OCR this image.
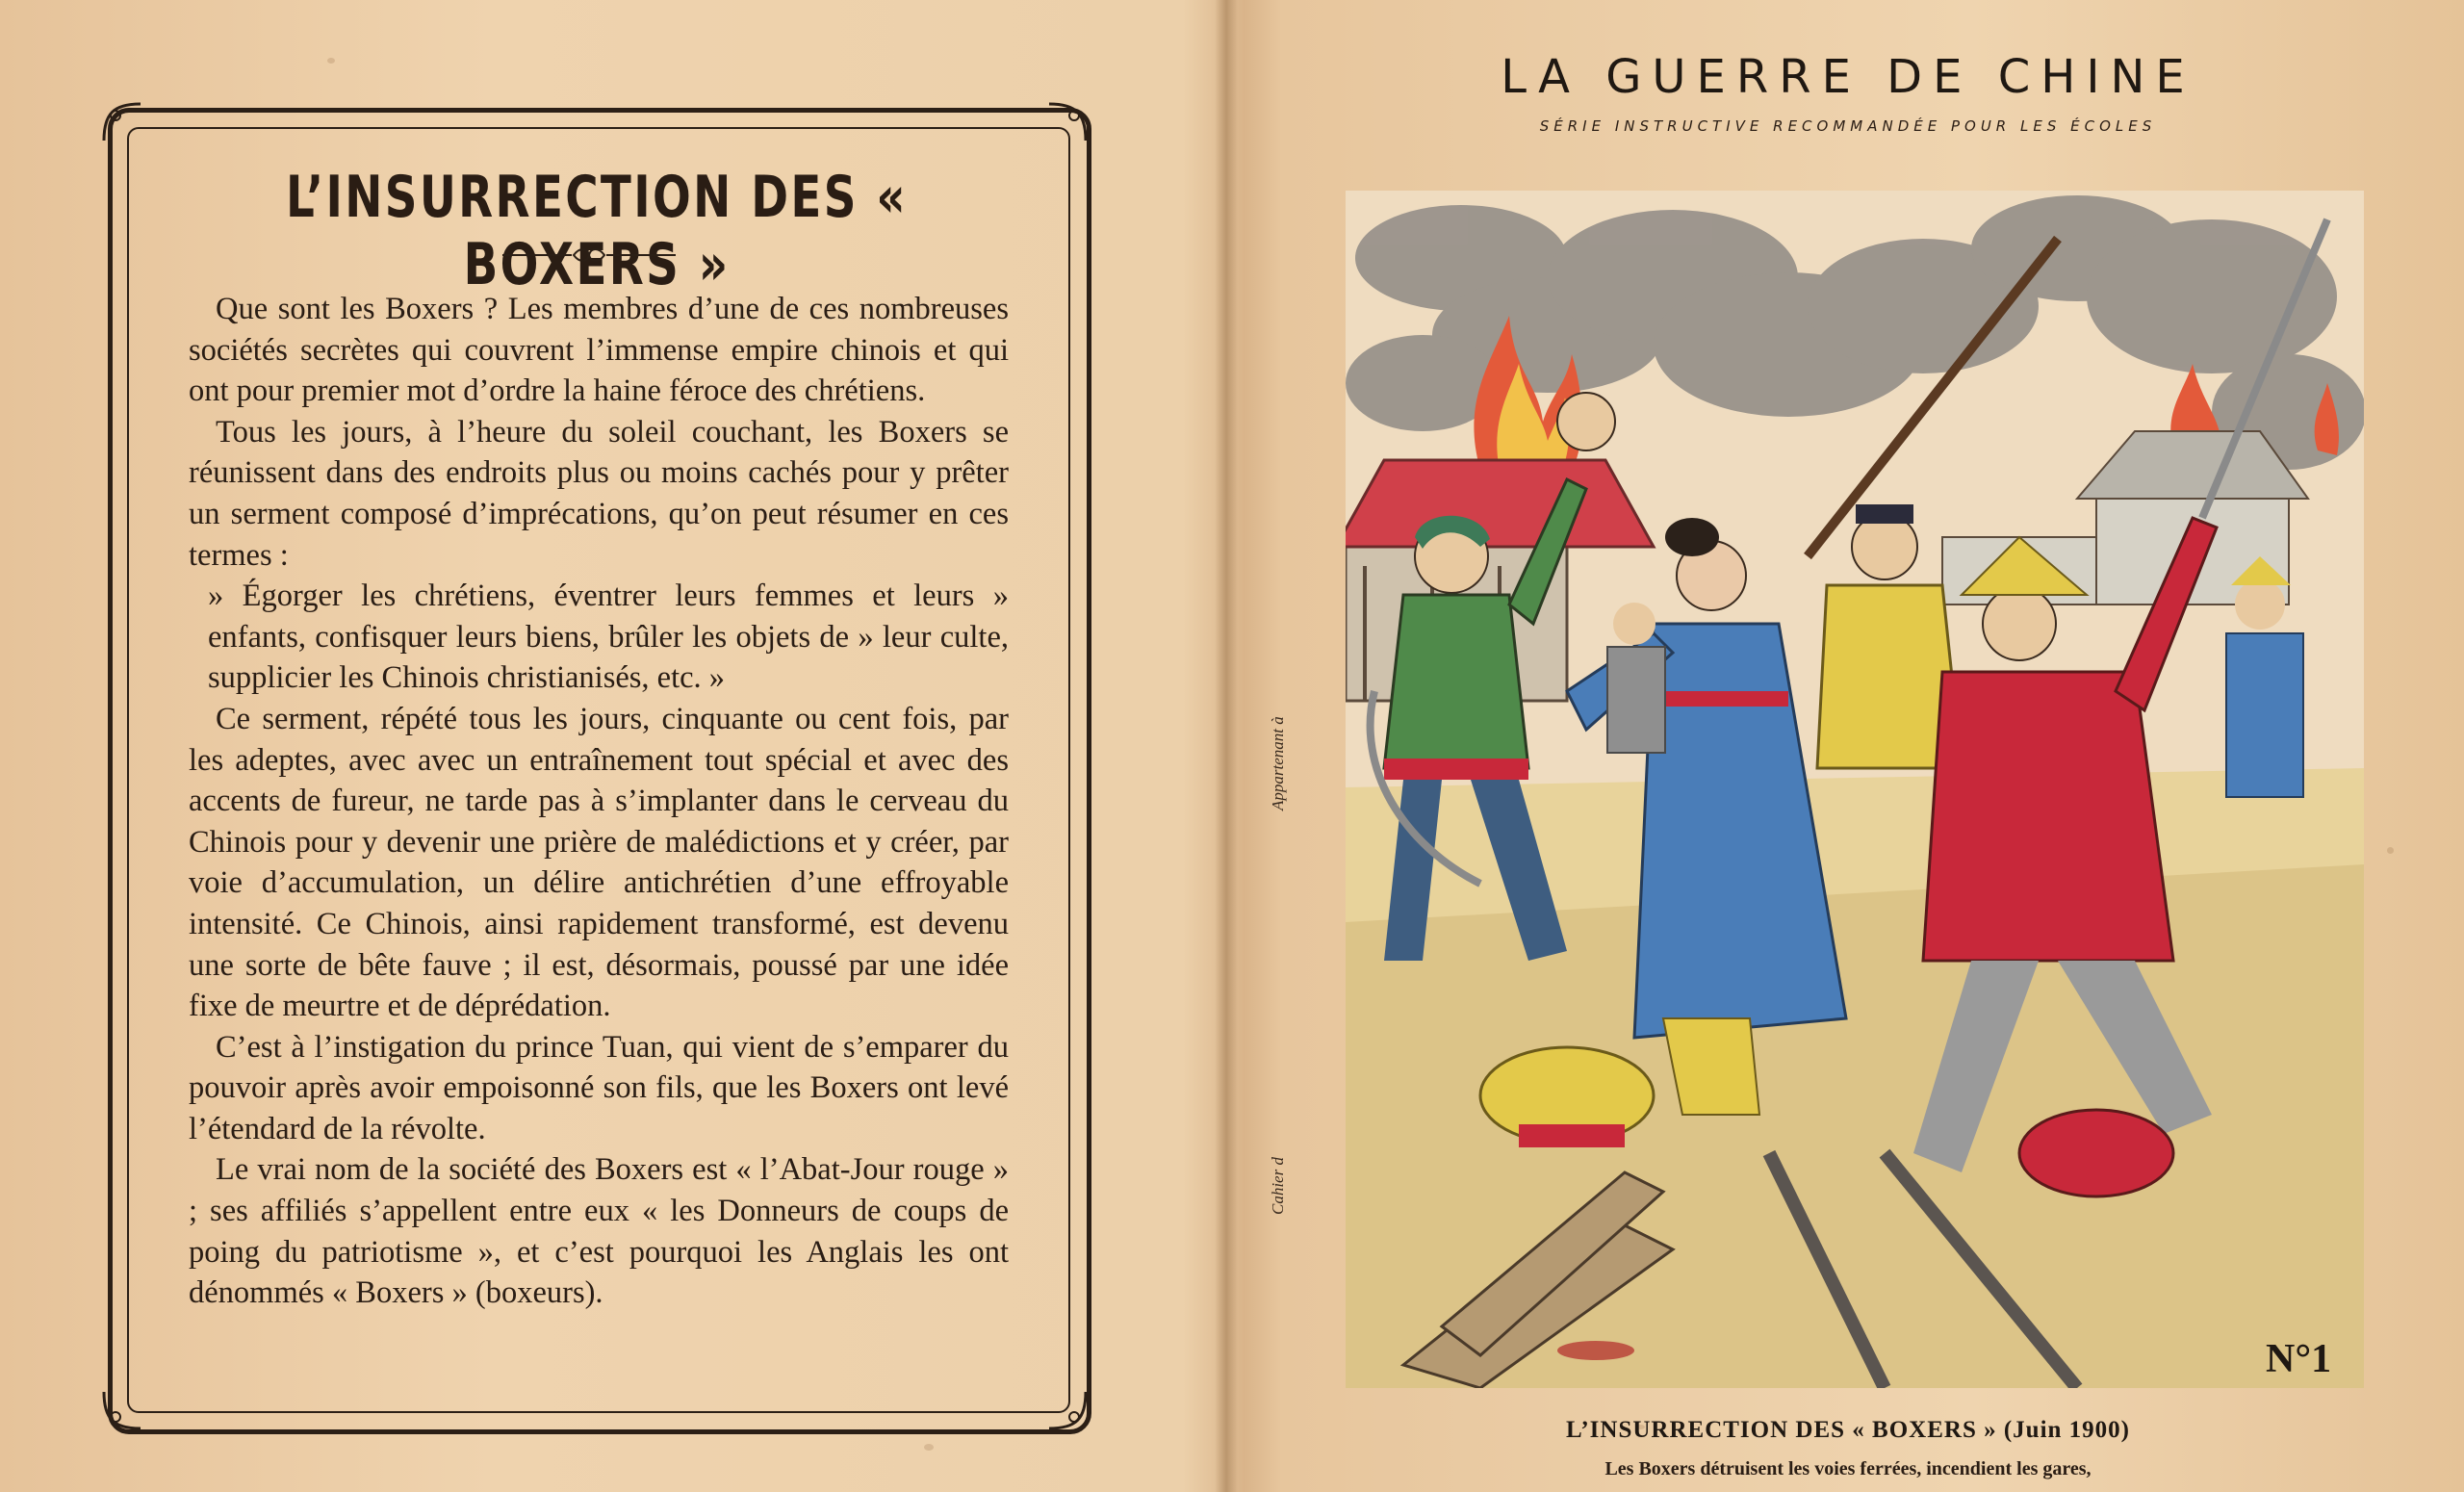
L’INSURRECTION DES « BOXERS »

Que sont les Boxers ? Les membres d’une de ces nombreuses sociétés secrètes qui couvrent l’immense empire chinois et qui ont pour premier mot d’ordre la haine féroce des chrétiens.

Tous les jours, à l’heure du soleil couchant, les Boxers se réunissent dans des endroits plus ou moins cachés pour y prêter un serment composé d’imprécations, qu’on peut résumer en ces termes :

» Égorger les chrétiens, éventrer leurs femmes et leurs » enfants, confisquer leurs biens, brûler les objets de » leur culte, supplicier les Chinois christianisés, etc. »

Ce serment, répété tous les jours, cinquante ou cent fois, par les adeptes, avec avec un entraînement tout spécial et avec des accents de fureur, ne tarde pas à s’implanter dans le cerveau du Chinois pour y devenir une prière de malédictions et y créer, par voie d’accumulation, un délire antichrétien d’une effroyable intensité. Ce Chinois, ainsi rapidement transformé, est devenu une sorte de bête fauve ; il est, désormais, poussé par une idée fixe de meurtre et de déprédation.

C’est à l’instigation du prince Tuan, qui vient de s’emparer du pouvoir après avoir empoisonné son fils, que les Boxers ont levé l’étendard de la révolte.

Le vrai nom de la société des Boxers est « l’Abat-Jour rouge » ; ses affiliés s’appellent entre eux « les Donneurs de coups de poing du patriotisme », et c’est pourquoi les Anglais les ont dénommés « Boxers » (boxeurs).

LA GUERRE DE CHINE
SÉRIE INSTRUCTIVE RECOMMANDÉE POUR LES ÉCOLES
Appartenant à
Cahier d
N°1
L’INSURRECTION DES « BOXERS » (Juin 1900)
Les Boxers détruisent les voies ferrées, incendient les gares,
